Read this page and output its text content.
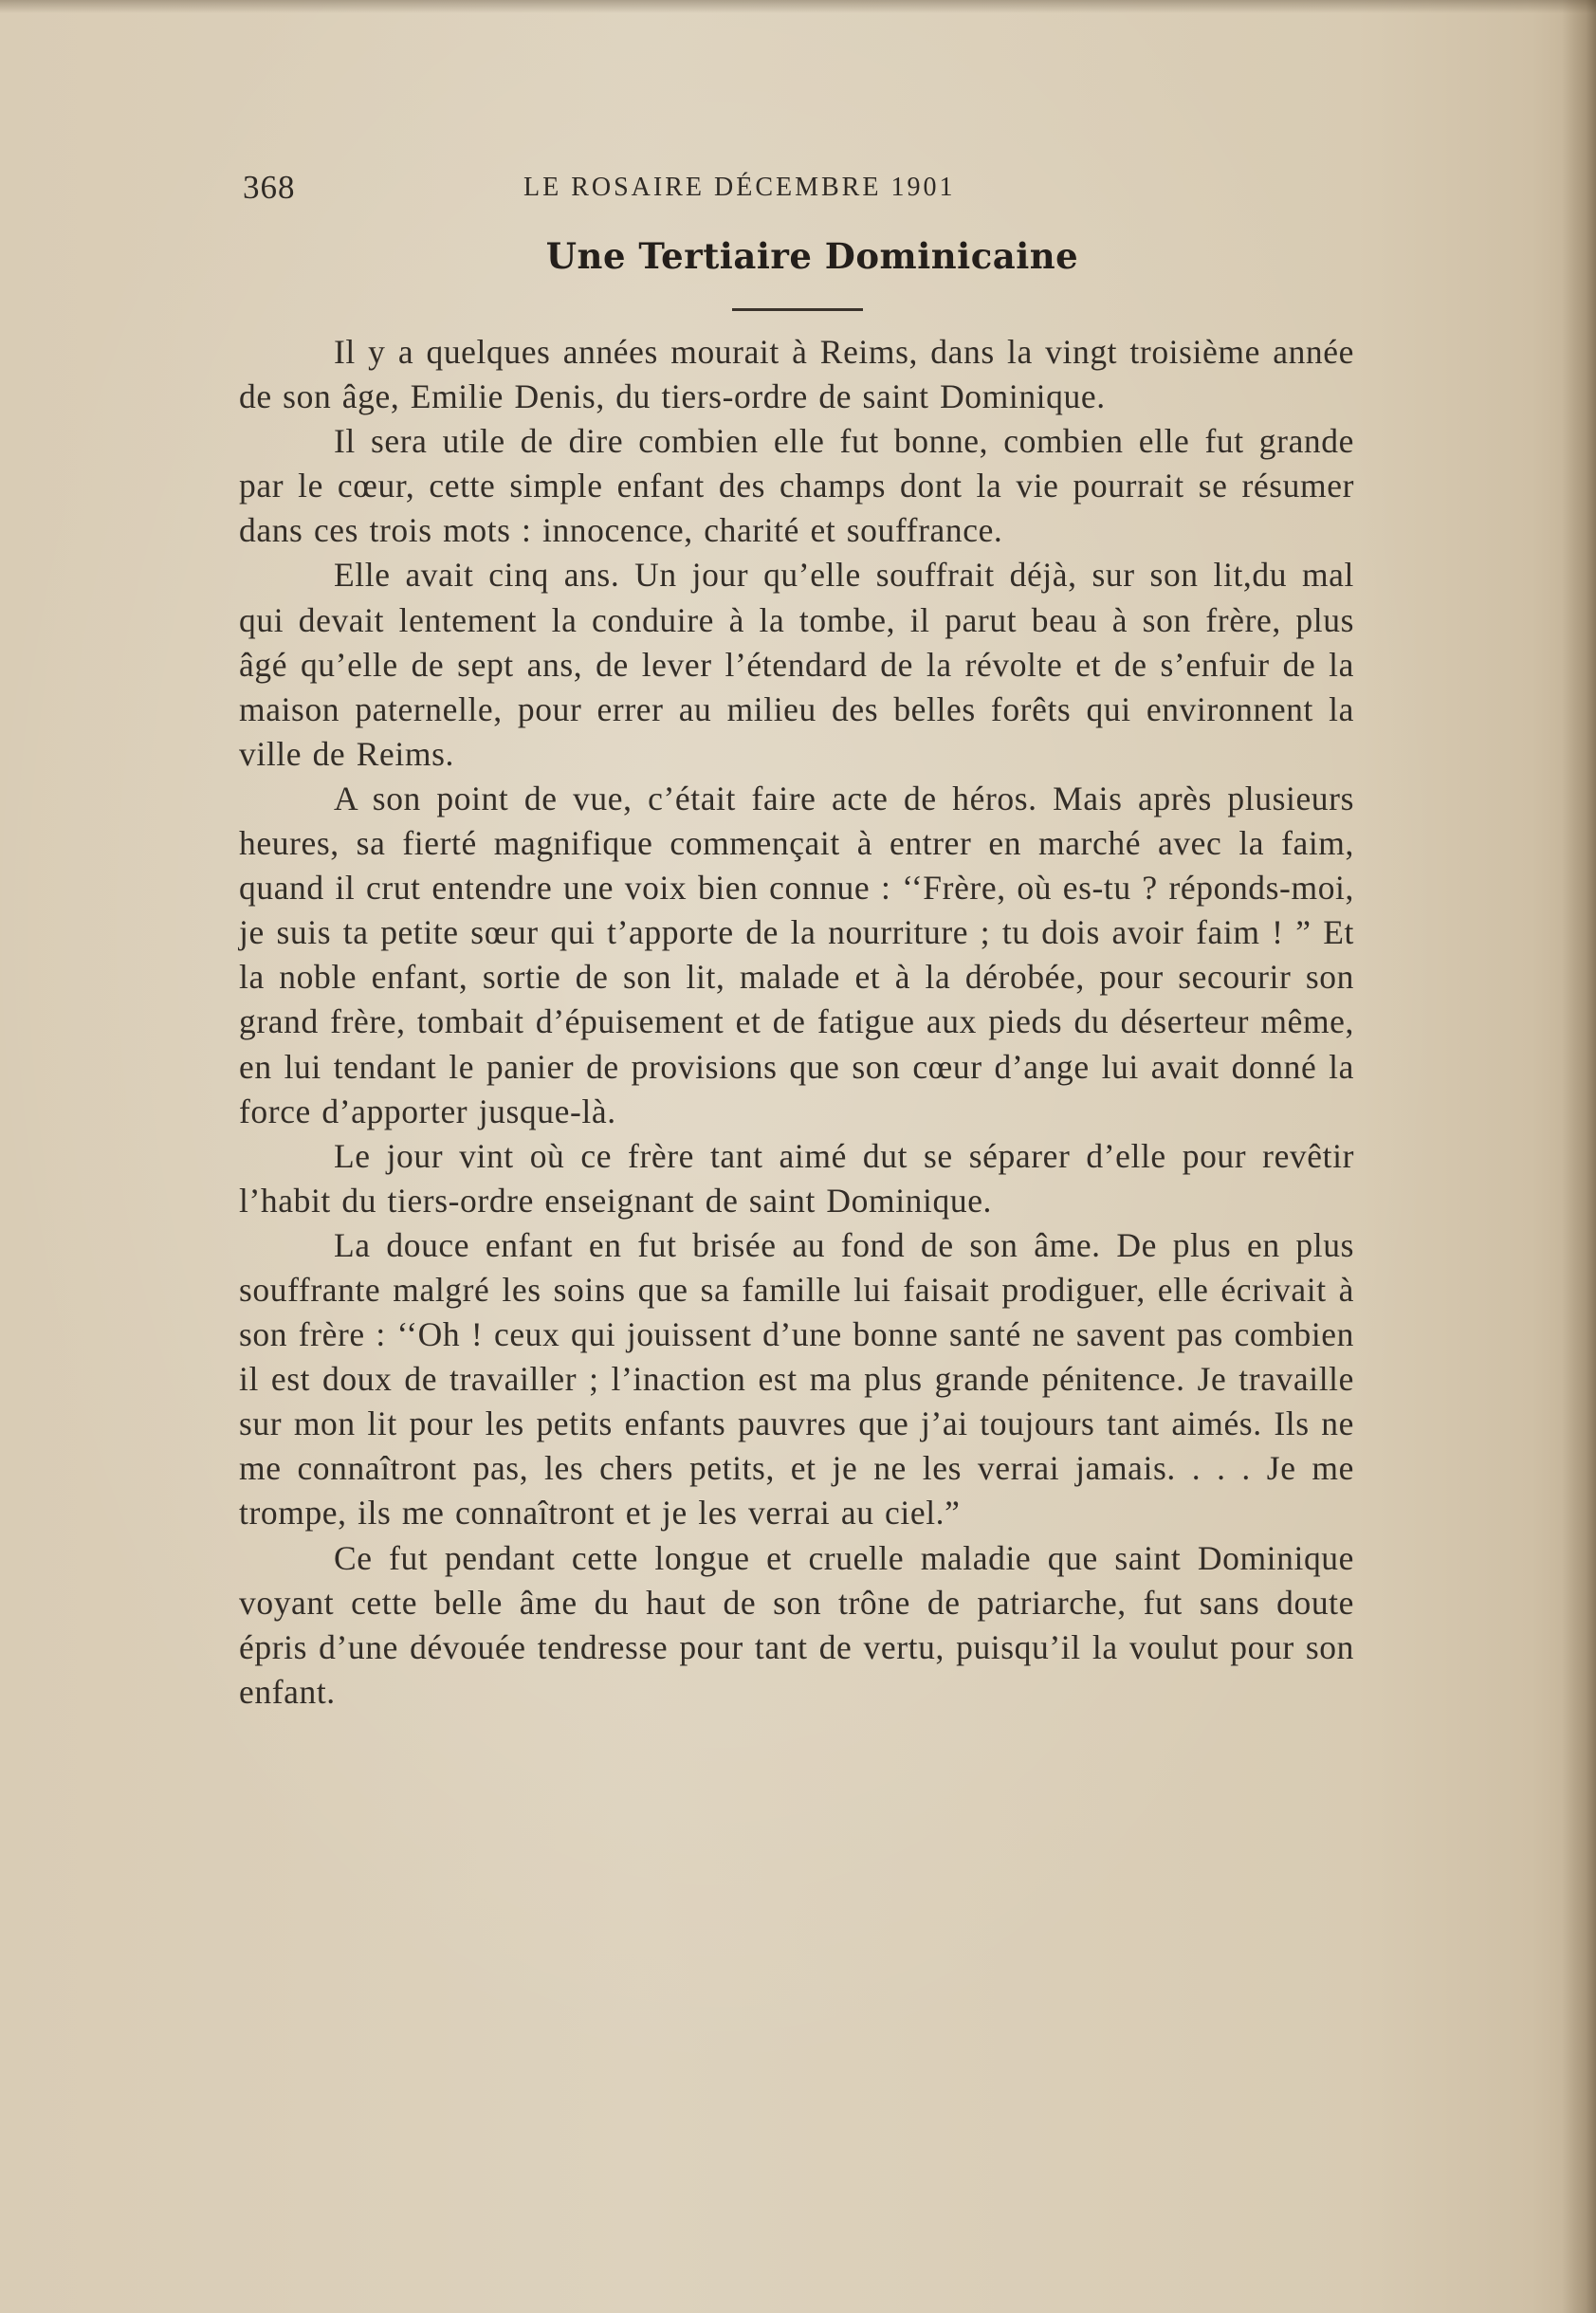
368	LE ROSAIRE DÉCEMBRE 1901
Une Tertiaire Dominicaine

Il y a quelques années mourait à Reims, dans la vingt troisième année de son âge, Emilie Denis, du tiers-ordre de saint Dominique.

Il sera utile de dire combien elle fut bonne, combien elle fut grande par le cœur, cette simple enfant des champs dont la vie pourrait se résumer dans ces trois mots : innocence, charité et souffrance.

Elle avait cinq ans. Un jour qu’elle souffrait déjà, sur son lit,du mal qui devait lentement la conduire à la tombe, il parut beau à son frère, plus âgé qu’elle de sept ans, de lever l’étendard de la révolte et de s’enfuir de la maison paternelle, pour errer au milieu des belles forêts qui environnent la ville de Reims.

A son point de vue, c’était faire acte de héros. Mais après plusieurs heures, sa fierté magnifique commençait à entrer en marché avec la faim, quand il crut entendre une voix bien connue : ‘‘Frère, où es-tu ? réponds-moi, je suis ta petite sœur qui t’apporte de la nourriture ; tu dois avoir faim ! ” Et la noble enfant, sortie de son lit, malade et à la dérobée, pour secourir son grand frère, tombait d’épuisement et de fatigue aux pieds du déserteur même, en lui tendant le panier de provisions que son cœur d’ange lui avait donné la force d’apporter jusque-là.

Le jour vint où ce frère tant aimé dut se séparer d’elle pour revêtir l’habit du tiers-ordre enseignant de saint Dominique.

La douce enfant en fut brisée au fond de son âme. De plus en plus souffrante malgré les soins que sa famille lui faisait prodiguer, elle écrivait à son frère : ‘‘Oh ! ceux qui jouissent d’une bonne santé ne savent pas combien il est doux de travailler ; l’inaction est ma plus grande pénitence. Je travaille sur mon lit pour les petits enfants pauvres que j’ai toujours tant aimés. Ils ne me connaîtront pas, les chers petits, et je ne les verrai jamais. . . . Je me trompe, ils me connaîtront et je les verrai au ciel.”

Ce fut pendant cette longue et cruelle maladie que saint Dominique voyant cette belle âme du haut de son trône de patriarche, fut sans doute épris d’une dévouée tendresse pour tant de vertu, puisqu’il la voulut pour son enfant.
